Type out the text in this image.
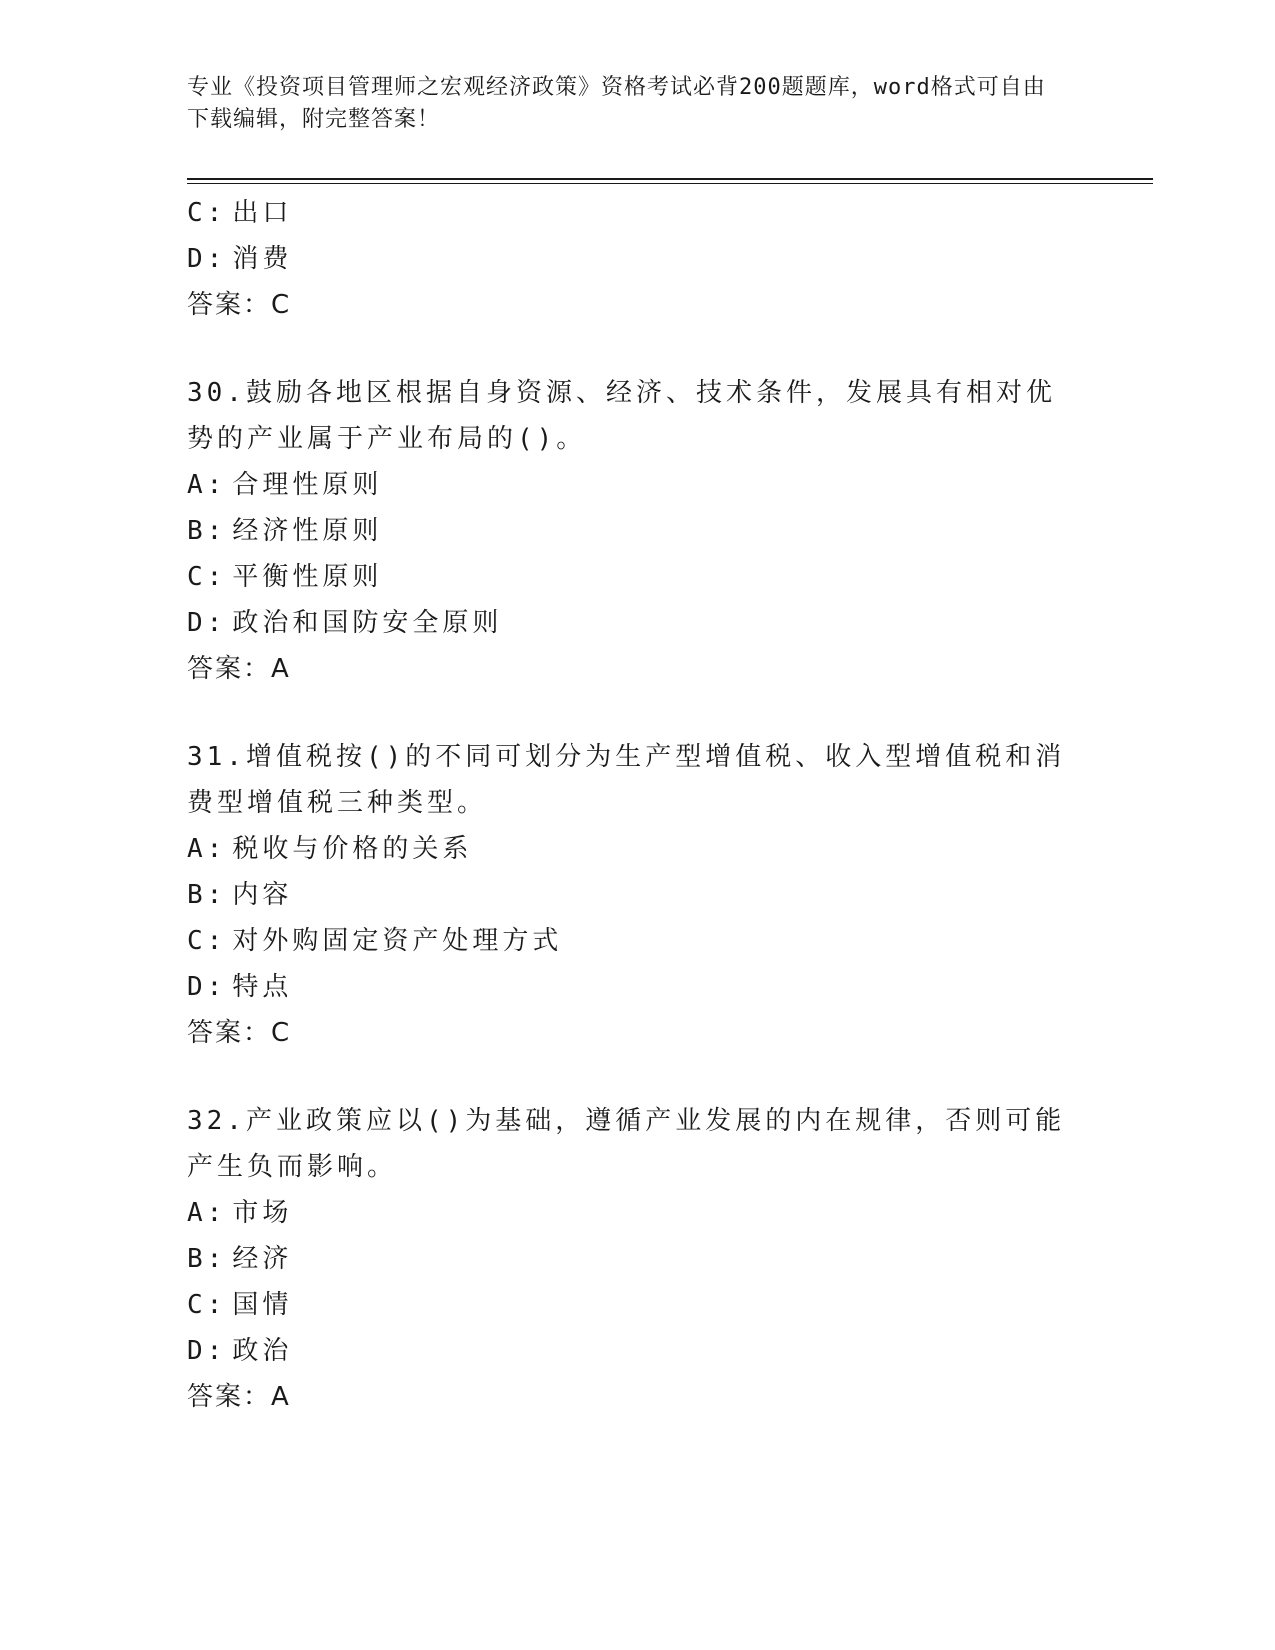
专业《投资项目管理师之宏观经济政策》资格考试必背200题题库，word格式可自由下载编辑，附完整答案！
C: 出口
D: 消费
答案：C
30.鼓励各地区根据自身资源、经济、技术条件，发展具有相对优势的产业属于产业布局的()。
A: 合理性原则
B: 经济性原则
C: 平衡性原则
D: 政治和国防安全原则
答案：A
31.增值税按()的不同可划分为生产型增值税、收入型增值税和消费型增值税三种类型。
A: 税收与价格的关系
B: 内容
C: 对外购固定资产处理方式
D: 特点
答案：C
32.产业政策应以()为基础，遵循产业发展的内在规律，否则可能产生负而影响。
A: 市场
B: 经济
C: 国情
D: 政治
答案：A
